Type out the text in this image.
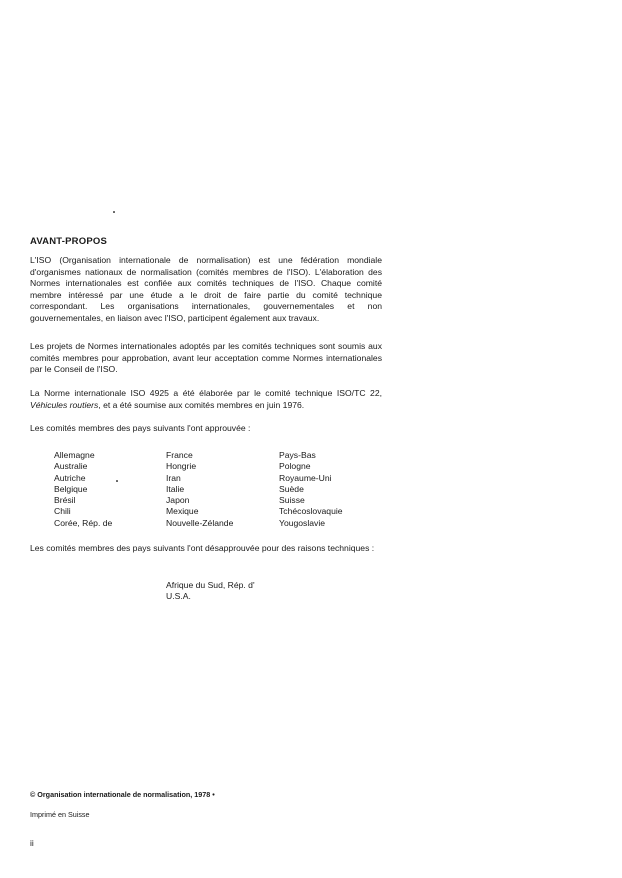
AVANT-PROPOS

L'ISO (Organisation internationale de normalisation) est une fédération mondiale d'organismes nationaux de normalisation (comités membres de l'ISO). L'élaboration des Normes internationales est confiée aux comités techniques de l'ISO. Chaque comité membre intéressé par une étude a le droit de faire partie du comité technique correspondant. Les organisations internationales, gouvernementales et non gouvernementales, en liaison avec l'ISO, participent également aux travaux.

Les projets de Normes internationales adoptés par les comités techniques sont soumis aux comités membres pour approbation, avant leur acceptation comme Normes internationales par le Conseil de l'ISO.

La Norme internationale ISO 4925 a été élaborée par le comité technique ISO/TC 22, Véhicules routiers, et a été soumise aux comités membres en juin 1976.

Les comités membres des pays suivants l'ont approuvée :

Allemagne
Australie
Autriche
Belgique
Brésil
Chili
Corée, Rép. de
France
Hongrie
Iran
Italie
Japon
Mexique
Nouvelle-Zélande
Pays-Bas
Pologne
Royaume-Uni
Suède
Suisse
Tchécoslovaquie
Yougoslavie

Les comités membres des pays suivants l'ont désapprouvée pour des raisons techniques :

Afrique du Sud, Rép. d'
U.S.A.
© Organisation internationale de normalisation, 1978 •
Imprimé en Suisse
ii
